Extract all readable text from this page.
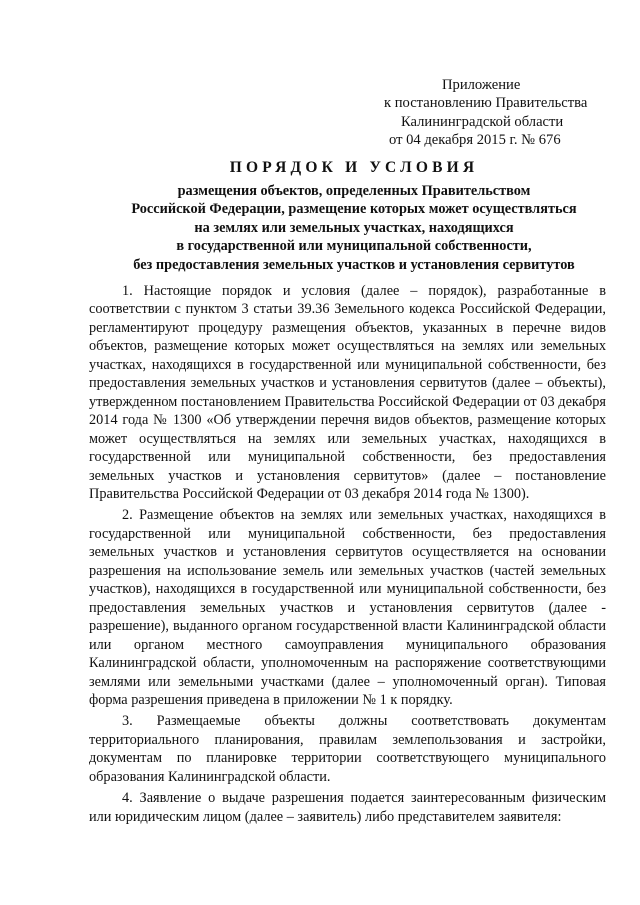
Приложение
к постановлению Правительства
Калининградской области
от 04 декабря 2015 г. № 676
ПОРЯДОК И УСЛОВИЯ
размещения объектов, определенных Правительством
Российской Федерации, размещение которых может осуществляться
на землях или земельных участках, находящихся
в государственной или муниципальной собственности,
без предоставления земельных участков и установления сервитутов

1. Настоящие порядок и условия (далее – порядок), разработанные в соответствии с пунктом 3 статьи 39.36 Земельного кодекса Российской Федерации, регламентируют процедуру размещения объектов, указанных в перечне видов объектов, размещение которых может осуществляться на землях или земельных участках, находящихся в государственной или муниципальной собственности, без предоставления земельных участков и установления сервитутов (далее – объекты), утвержденном постановлением Правительства Российской Федерации от 03 декабря 2014 года № 1300 «Об утверждении перечня видов объектов, размещение которых может осуществляться на землях или земельных участках, находящихся в государственной или муниципальной собственности, без предоставления земельных участков и установления сервитутов» (далее – постановление Правительства Российской Федерации от 03 декабря 2014 года № 1300).

2. Размещение объектов на землях или земельных участках, находящихся в государственной или муниципальной собственности, без предоставления земельных участков и установления сервитутов осуществляется на основании разрешения на использование земель или земельных участков (частей земельных участков), находящихся в государственной или муниципальной собственности, без предоставления земельных участков и установления сервитутов (далее - разрешение), выданного органом государственной власти Калининградской области или органом местного самоуправления муниципального образования Калининградской области, уполномоченным на распоряжение соответствующими землями или земельными участками (далее – уполномоченный орган). Типовая форма разрешения приведена в приложении № 1 к порядку.

3. Размещаемые объекты должны соответствовать документам территориального планирования, правилам землепользования и застройки, документам по планировке территории соответствующего муниципального образования Калининградской области.

4. Заявление о выдаче разрешения подается заинтересованным физическим или юридическим лицом (далее – заявитель) либо представителем заявителя:
